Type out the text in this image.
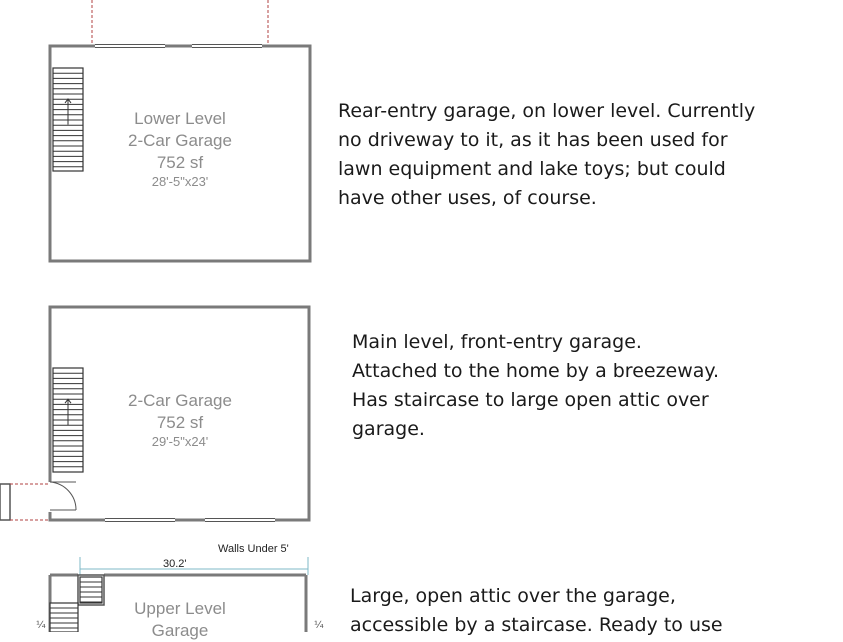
¼	¼
Lower Level
2-Car Garage
752 sf
28'-5"x23'

Rear-entry garage, on lower level. Currently
no driveway to it, as it has been used for
lawn equipment and lake toys; but could
have other uses, of course.

2-Car Garage
752 sf
29'-5"x24'

Main level, front-entry garage.
Attached to the home by a breezeway.
Has staircase to large open attic over
garage.

Walls Under 5'
30.2'
Upper Level
Garage

Large, open attic over the garage,
accessible by a staircase. Ready to use
